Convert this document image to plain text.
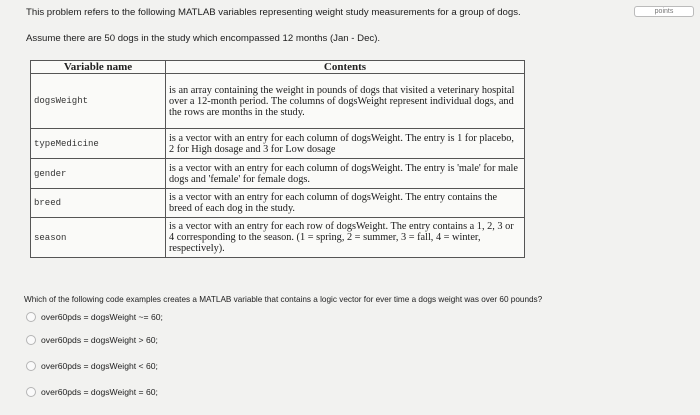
points
This problem refers to the following MATLAB variables representing weight study measurements for a group of dogs.
Assume there are 50 dogs in the study which encompassed 12 months (Jan - Dec).
Variable name	Contents
dogsWeight	is an array containing the weight in pounds of dogs that visited a veterinary hospital over a 12-month period. The columns of dogsWeight represent individual dogs, and the rows are months in the study.
typeMedicine	is a vector with an entry for each column of dogsWeight. The entry is 1 for placebo, 2 for High dosage and 3 for Low dosage
gender	is a vector with an entry for each column of dogsWeight. The entry is 'male' for male dogs and 'female' for female dogs.
breed	is a vector with an entry for each column of dogsWeight. The entry contains the breed of each dog in the study.
season	is a vector with an entry for each row of dogsWeight. The entry contains a 1, 2, 3 or 4 corresponding to the season. (1 = spring, 2 = summer, 3 = fall, 4 = winter, respectively).
Which of the following code examples creates a MATLAB variable that contains a logic vector for ever time a dogs weight was over 60 pounds?
over60pds = dogsWeight ~= 60;
over60pds = dogsWeight > 60;
over60pds = dogsWeight < 60;
over60pds = dogsWeight = 60;
